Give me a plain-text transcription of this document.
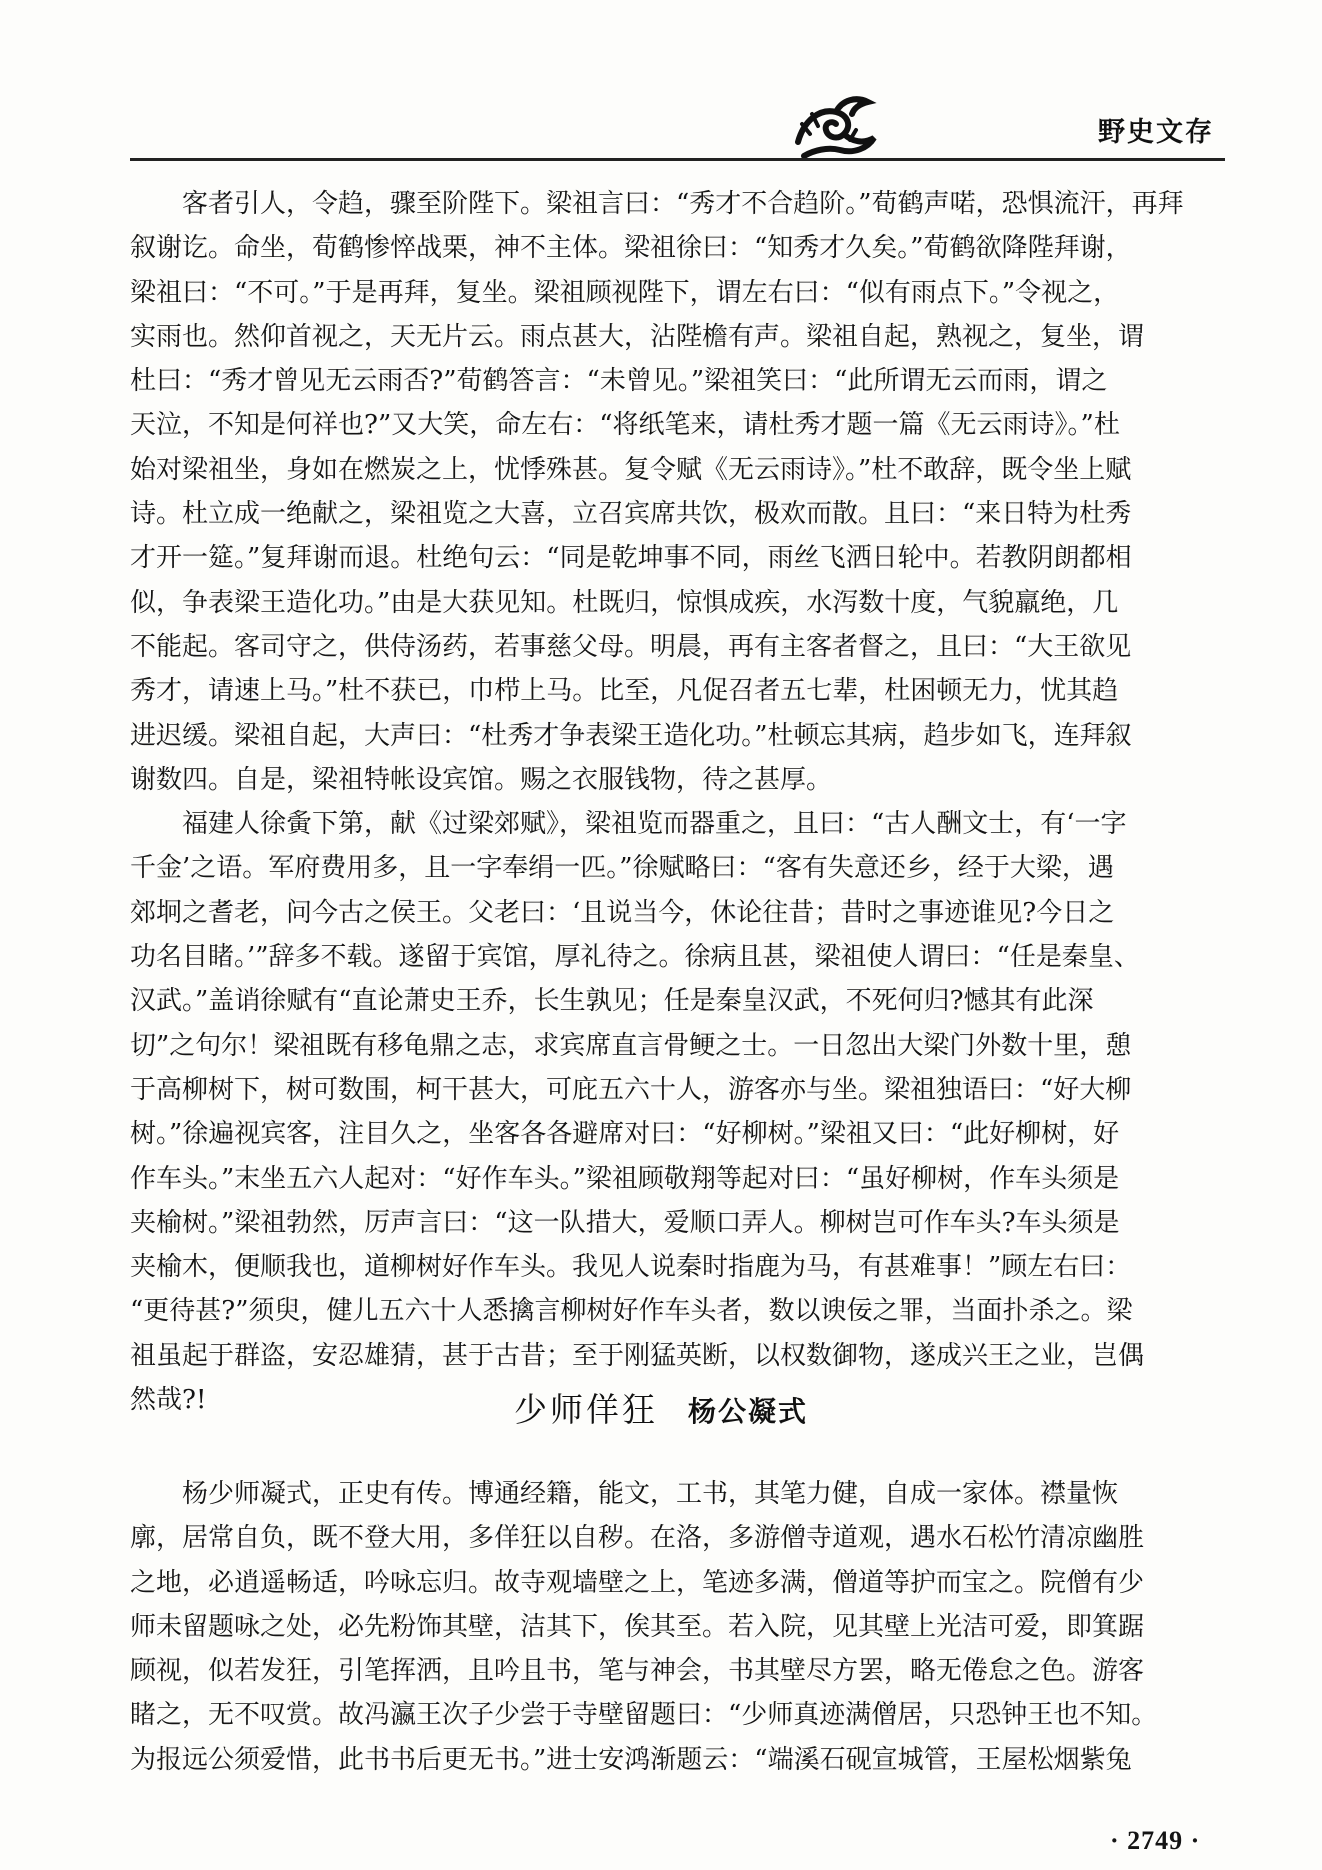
野史文存
客者引人，令趋，骤至阶陛下。梁祖言曰：“秀才不合趋阶。”荀鹤声喏，恐惧流汗，再拜
叙谢讫。命坐，荀鹤惨悴战栗，神不主体。梁祖徐曰：“知秀才久矣。”荀鹤欲降陛拜谢，
梁祖曰：“不可。”于是再拜，复坐。梁祖顾视陛下，谓左右曰：“似有雨点下。”令视之，
实雨也。然仰首视之，天无片云。雨点甚大，沾陛檐有声。梁祖自起，熟视之，复坐，谓
杜曰：“秀才曾见无云雨否?”荀鹤答言：“未曾见。”梁祖笑曰：“此所谓无云而雨，谓之
天泣，不知是何祥也?”又大笑，命左右：“将纸笔来，请杜秀才题一篇《无云雨诗》。”杜
始对梁祖坐，身如在燃炭之上，忧悸殊甚。复令赋《无云雨诗》。”杜不敢辞，既令坐上赋
诗。杜立成一绝献之，梁祖览之大喜，立召宾席共饮，极欢而散。且曰：“来日特为杜秀
才开一筵。”复拜谢而退。杜绝句云：“同是乾坤事不同，雨丝飞洒日轮中。若教阴朗都相
似，争表梁王造化功。”由是大获见知。杜既归，惊惧成疾，水泻数十度，气貌羸绝，几
不能起。客司守之，供侍汤药，若事慈父母。明晨，再有主客者督之，且曰：“大王欲见
秀才，请速上马。”杜不获已，巾栉上马。比至，凡促召者五七辈，杜困顿无力，忧其趋
进迟缓。梁祖自起，大声曰：“杜秀才争表梁王造化功。”杜顿忘其病，趋步如飞，连拜叙
谢数四。自是，梁祖特帐设宾馆。赐之衣服钱物，待之甚厚。
福建人徐夤下第，献《过梁郊赋》，梁祖览而器重之，且曰：“古人酬文士，有‘一字
千金’之语。军府费用多，且一字奉绢一匹。”徐赋略曰：“客有失意还乡，经于大梁，遇
郊坰之耆老，问今古之侯王。父老曰：‘且说当今，休论往昔；昔时之事迹谁见?今日之
功名目睹。’”辞多不载。遂留于宾馆，厚礼待之。徐病且甚，梁祖使人谓曰：“任是秦皇、
汉武。”盖诮徐赋有“直论萧史王乔，长生孰见；任是秦皇汉武，不死何归?憾其有此深
切”之句尔！梁祖既有移龟鼎之志，求宾席直言骨鲠之士。一日忽出大梁门外数十里，憩
于高柳树下，树可数围，柯干甚大，可庇五六十人，游客亦与坐。梁祖独语曰：“好大柳
树。”徐遍视宾客，注目久之，坐客各各避席对曰：“好柳树。”梁祖又曰：“此好柳树，好
作车头。”末坐五六人起对：“好作车头。”梁祖顾敬翔等起对曰：“虽好柳树，作车头须是
夹榆树。”梁祖勃然，厉声言曰：“这一队措大，爱顺口弄人。柳树岂可作车头?车头须是
夹榆木，便顺我也，道柳树好作车头。我见人说秦时指鹿为马，有甚难事！”顾左右曰：
“更待甚?”须臾，健儿五六十人悉擒言柳树好作车头者，数以谀佞之罪，当面扑杀之。梁
祖虽起于群盗，安忍雄猜，甚于古昔；至于刚猛英断，以权数御物，遂成兴王之业，岂偶
然哉?!	少师佯狂 杨公凝式
杨少师凝式，正史有传。博通经籍，能文，工书，其笔力健，自成一家体。襟量恢
廓，居常自负，既不登大用，多佯狂以自秽。在洛，多游僧寺道观，遇水石松竹清凉幽胜
之地，必逍遥畅适，吟咏忘归。故寺观墙壁之上，笔迹多满，僧道等护而宝之。院僧有少
师未留题咏之处，必先粉饰其壁，洁其下，俟其至。若入院，见其壁上光洁可爱，即箕踞
顾视，似若发狂，引笔挥洒，且吟且书，笔与神会，书其壁尽方罢，略无倦怠之色。游客
睹之，无不叹赏。故冯瀛王次子少尝于寺壁留题曰：“少师真迹满僧居，只恐钟王也不知。
为报远公须爱惜，此书书后更无书。”进士安鸿渐题云：“端溪石砚宣城管，王屋松烟紫兔
· 2749 ·
